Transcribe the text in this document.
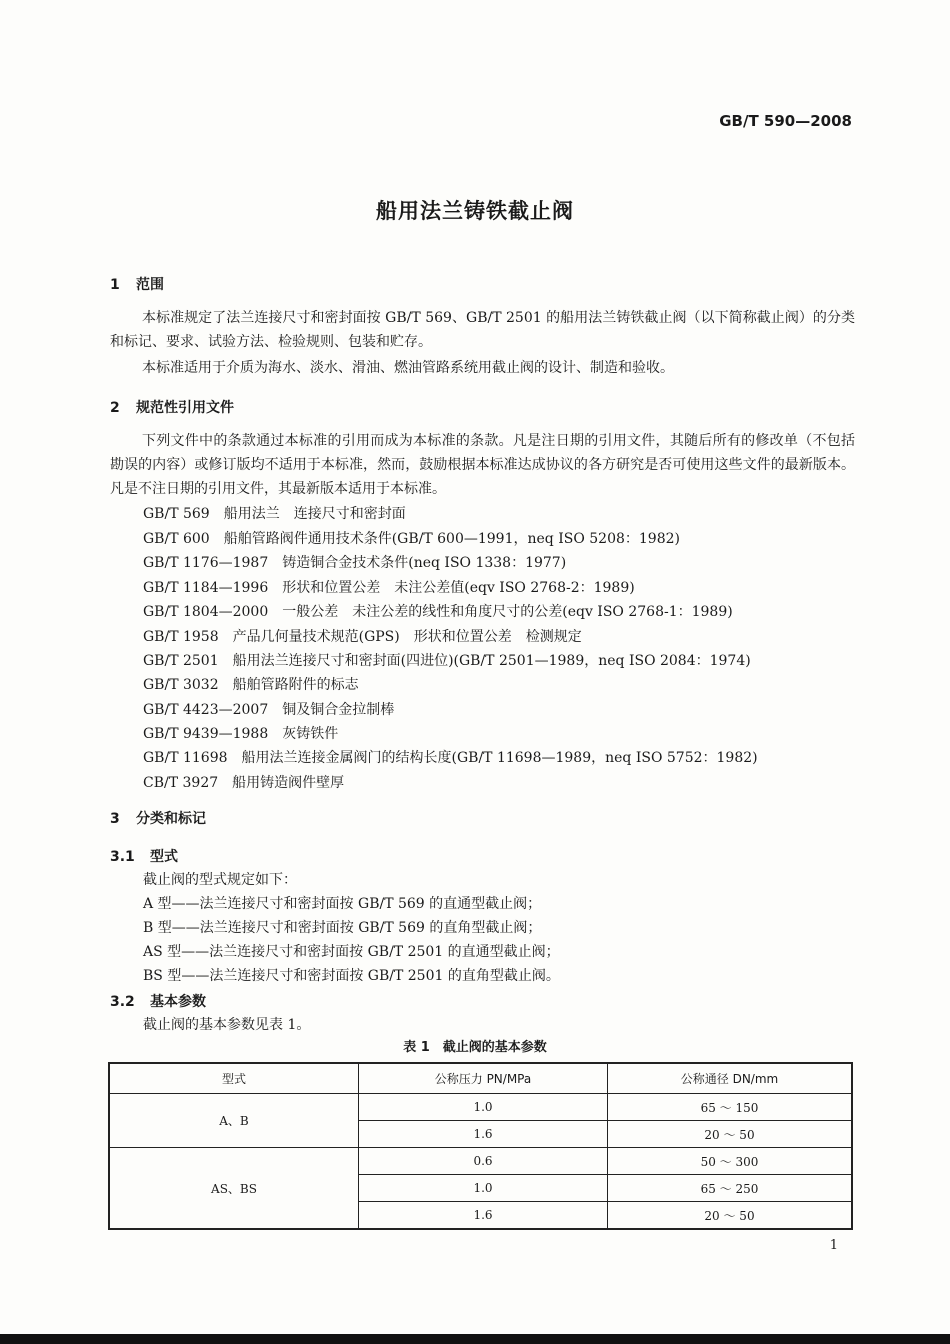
GB/T 590—2008
船用法兰铸铁截止阀
1 范围

本标准规定了法兰连接尺寸和密封面按 GB/T 569、GB/T 2501 的船用法兰铸铁截止阀（以下简称截止阀）的分类和标记、要求、试验方法、检验规则、包装和贮存。

本标准适用于介质为海水、淡水、滑油、燃油管路系统用截止阀的设计、制造和验收。

2 规范性引用文件

下列文件中的条款通过本标准的引用而成为本标准的条款。凡是注日期的引用文件，其随后所有的修改单（不包括勘误的内容）或修订版均不适用于本标准，然而，鼓励根据本标准达成协议的各方研究是否可使用这些文件的最新版本。凡是不注日期的引用文件，其最新版本适用于本标准。

GB/T 569 船用法兰　连接尺寸和密封面
GB/T 600 船舶管路阀件通用技术条件(GB/T 600—1991，neq ISO 5208：1982)
GB/T 1176—1987 铸造铜合金技术条件(neq ISO 1338：1977)
GB/T 1184—1996 形状和位置公差　未注公差值(eqv ISO 2768-2：1989)
GB/T 1804—2000 一般公差　未注公差的线性和角度尺寸的公差(eqv ISO 2768-1：1989)
GB/T 1958 产品几何量技术规范(GPS)　形状和位置公差　检测规定
GB/T 2501 船用法兰连接尺寸和密封面(四进位)(GB/T 2501—1989，neq ISO 2084：1974)
GB/T 3032 船舶管路附件的标志
GB/T 4423—2007 铜及铜合金拉制棒
GB/T 9439—1988 灰铸铁件
GB/T 11698 船用法兰连接金属阀门的结构长度(GB/T 11698—1989，neq ISO 5752：1982)
CB/T 3927 船用铸造阀件壁厚
3 分类和标记
3.1 型式
截止阀的型式规定如下：
A 型——法兰连接尺寸和密封面按 GB/T 569 的直通型截止阀；
B 型——法兰连接尺寸和密封面按 GB/T 569 的直角型截止阀；
AS 型——法兰连接尺寸和密封面按 GB/T 2501 的直通型截止阀；
BS 型——法兰连接尺寸和密封面按 GB/T 2501 的直角型截止阀。
3.2 基本参数
截止阀的基本参数见表 1。
表 1　截止阀的基本参数
型式	公称压力 PN/MPa	公称通径 DN/mm
A、B	1.0	65 ～ 150
	1.6	20 ～ 50
AS、BS	0.6	50 ～ 300
	1.0	65 ～ 250
	1.6	20 ～ 50
1
